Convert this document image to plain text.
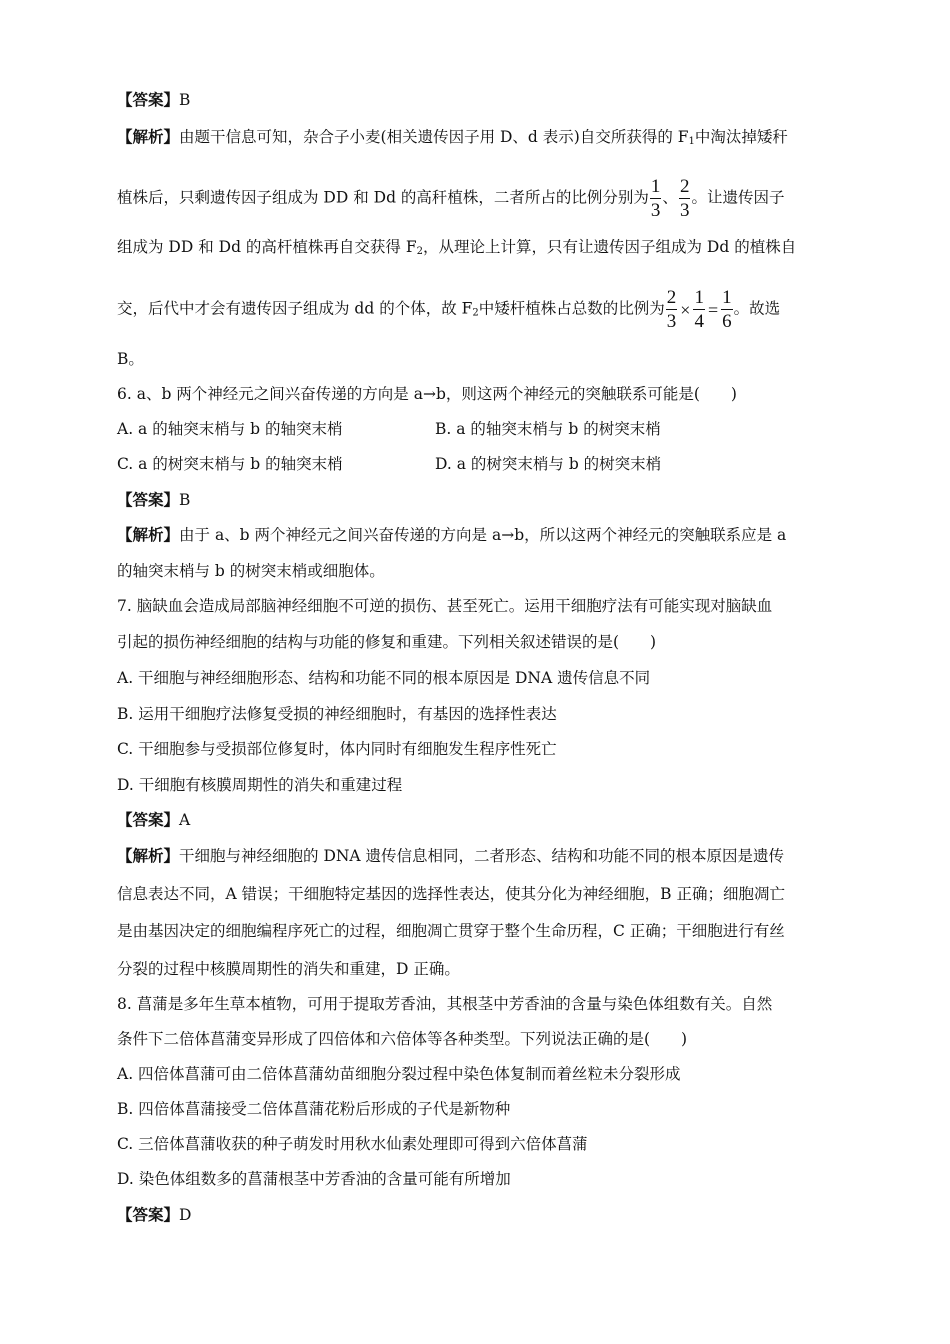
【答案】B
【解析】由题干信息可知，杂合子小麦(相关遗传因子用 D、d 表示)自交所获得的 $F_1$中淘汰掉矮秆
植株后，只剩遗传因子组成为 DD 和 Dd 的高秆植株，二者所占的比例分别为 $\frac{1}{3}$ 、 $\frac{2}{3}$ 。让遗传因子
组成为 DD 和 Dd 的高杆植株再自交获得 $F_2$，从理论上计算，只有让遗传因子组成为 Dd 的植株自
交，后代中才会有遗传因子组成为 dd 的个体，故 $F_2$中矮杆植株占总数的比例为 $\frac{2}{3} \times \frac{1}{4} = \frac{1}{6}$ 。故选
B。
6. a、b 两个神经元之间兴奋传递的方向是 a→b，则这两个神经元的突触联系可能是(　　)
A. a 的轴突末梢与 b 的轴突末梢	B. a 的轴突末梢与 b 的树突末梢
C. a 的树突末梢与 b 的轴突末梢	D. a 的树突末梢与 b 的树突末梢
【答案】B
【解析】由于 a、b 两个神经元之间兴奋传递的方向是 a→b，所以这两个神经元的突触联系应是 a
的轴突末梢与 b 的树突末梢或细胞体。
7. 脑缺血会造成局部脑神经细胞不可逆的损伤、甚至死亡。运用干细胞疗法有可能实现对脑缺血
引起的损伤神经细胞的结构与功能的修复和重建。下列相关叙述错误的是(　　)
A. 干细胞与神经细胞形态、结构和功能不同的根本原因是 DNA 遗传信息不同
B. 运用干细胞疗法修复受损的神经细胞时，有基因的选择性表达
C. 干细胞参与受损部位修复时，体内同时有细胞发生程序性死亡
D. 干细胞有核膜周期性的消失和重建过程
【答案】A
【解析】干细胞与神经细胞的 DNA 遗传信息相同，二者形态、结构和功能不同的根本原因是遗传
信息表达不同，A 错误；干细胞特定基因的选择性表达，使其分化为神经细胞，B 正确；细胞凋亡
是由基因决定的细胞编程序死亡的过程，细胞凋亡贯穿于整个生命历程，C 正确；干细胞进行有丝
分裂的过程中核膜周期性的消失和重建，D 正确。
8. 菖蒲是多年生草本植物，可用于提取芳香油，其根茎中芳香油的含量与染色体组数有关。自然
条件下二倍体菖蒲变异形成了四倍体和六倍体等各种类型。下列说法正确的是(　　)
A. 四倍体菖蒲可由二倍体菖蒲幼苗细胞分裂过程中染色体复制而着丝粒未分裂形成
B. 四倍体菖蒲接受二倍体菖蒲花粉后形成的子代是新物种
C. 三倍体菖蒲收获的种子萌发时用秋水仙素处理即可得到六倍体菖蒲
D. 染色体组数多的菖蒲根茎中芳香油的含量可能有所增加
【答案】D
